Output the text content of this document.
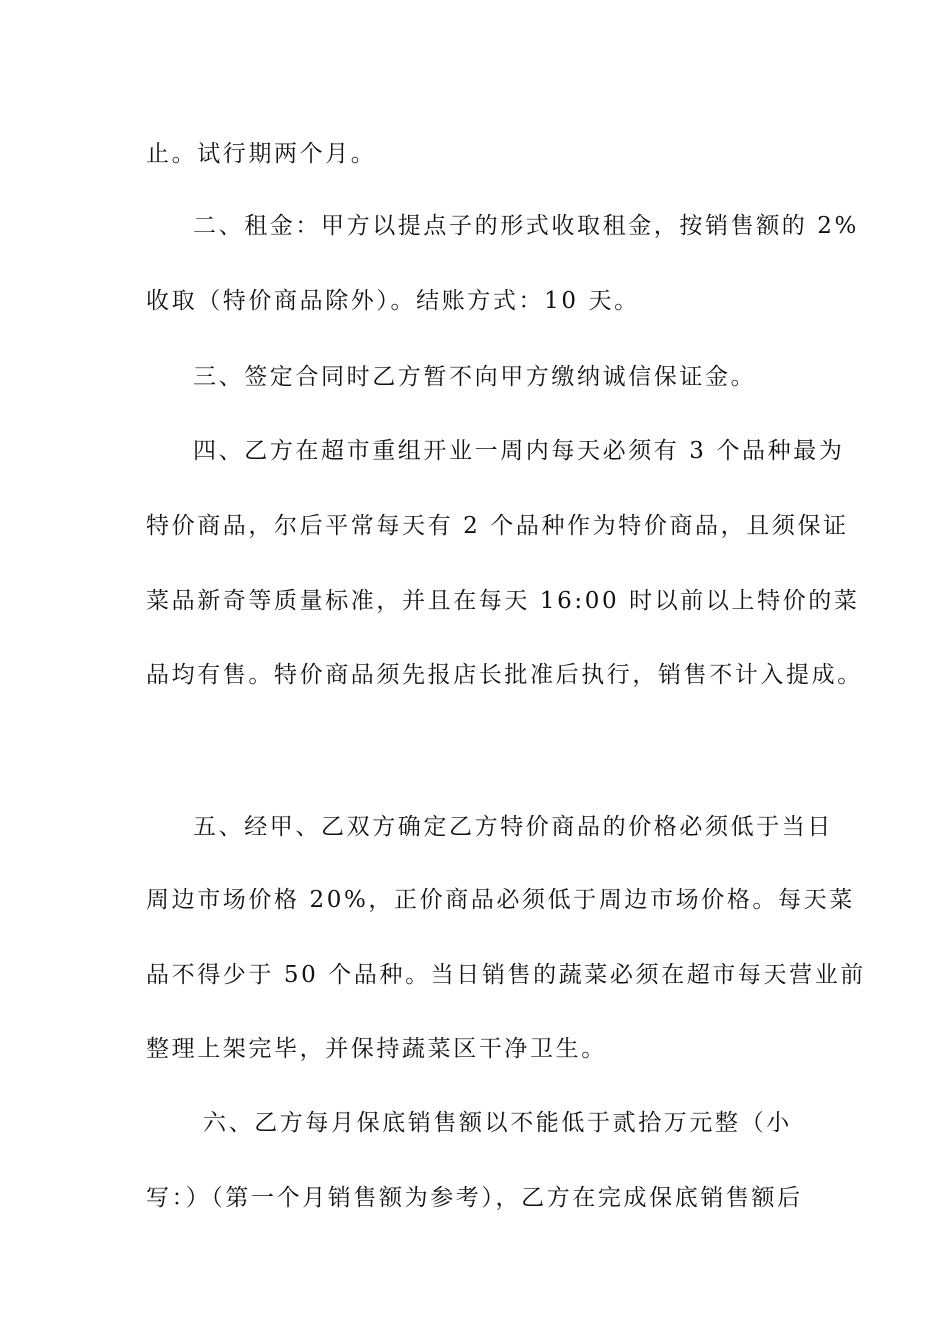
止。试行期两个月。
二、租金：甲方以提点子的形式收取租金，按销售额的 2%
收取（特价商品除外）。结账方式：10 天。
三、签定合同时乙方暂不向甲方缴纳诚信保证金。
四、乙方在超市重组开业一周内每天必须有 3 个品种最为
特价商品，尔后平常每天有 2 个品种作为特价商品，且须保证
菜品新奇等质量标准，并且在每天 16:00 时以前以上特价的菜
品均有售。特价商品须先报店长批准后执行，销售不计入提成。
五、经甲、乙双方确定乙方特价商品的价格必须低于当日
周边市场价格 20%，正价商品必须低于周边市场价格。每天菜
品不得少于 50 个品种。当日销售的蔬菜必须在超市每天营业前
整理上架完毕，并保持蔬菜区干净卫生。
六、乙方每月保底销售额以不能低于贰拾万元整（小
写：）（第一个月销售额为参考），乙方在完成保底销售额后
